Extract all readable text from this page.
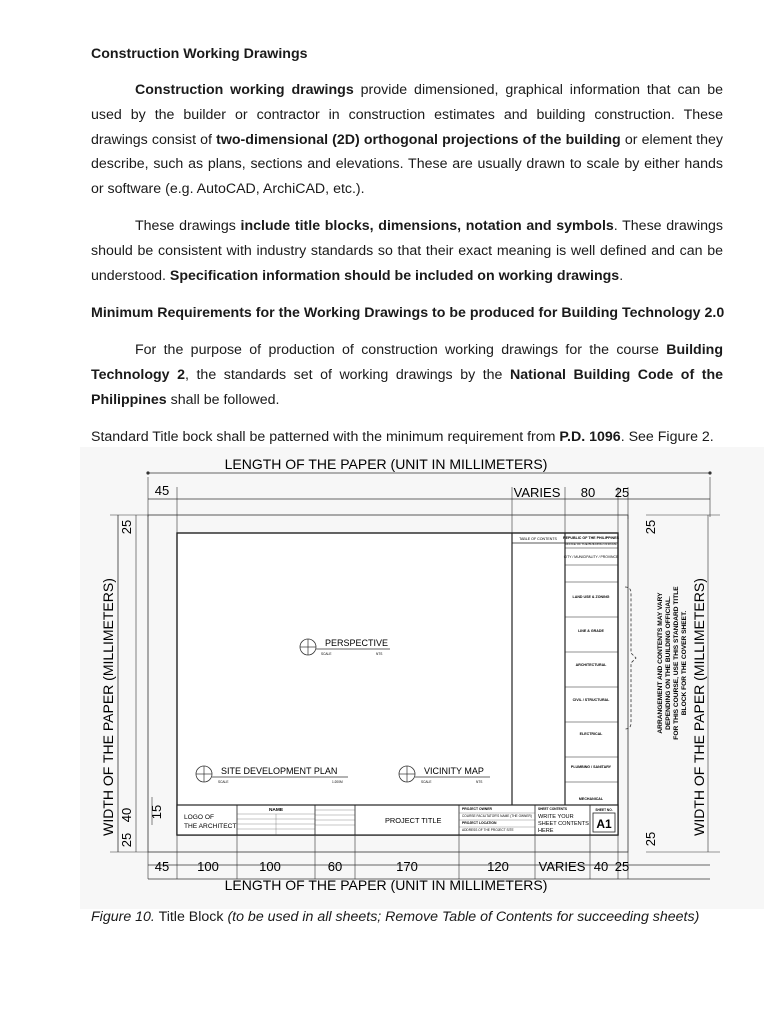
Construction Working Drawings
Construction working drawings provide dimensioned, graphical information that can be used by the builder or contractor in construction estimates and building construction. These drawings consist of two-dimensional (2D) orthogonal projections of the building or element they describe, such as plans, sections and elevations. These are usually drawn to scale by either hands or software (e.g. AutoCAD, ArchiCAD, etc.).
These drawings include title blocks, dimensions, notation and symbols. These drawings should be consistent with industry standards so that their exact meaning is well defined and can be understood. Specification information should be included on working drawings.
Minimum Requirements for the Working Drawings to be produced for Building Technology 2.0
For the purpose of production of construction working drawings for the course Building Technology 2, the standards set of working drawings by the National Building Code of the Philippines shall be followed.
Standard Title bock shall be patterned with the minimum requirement from P.D. 1096. See Figure 2.
Figure 10. Title Block (to be used in all sheets; Remove Table of Contents for succeeding sheets)
LENGTH OF THE PAPER (UNIT IN MILLIMETERS)
45	VARIES 80 25
WIDTH OF THE PAPER (MILLIMETERS)
25
40
25
15	WIDTH OF THE PAPER (MILLIMETERS)
25
25
TABLE OF CONTENTS REPUBLIC OF THE PHILIPPINES
OFFICE OF THE BUILDING OFFICIAL
CITY / MUNICIPALITY / PROVINCE
LAND USE & ZONING
LINE & GRADE
ARCHITECTURAL
CIVIL / STRUCTURAL
ELECTRICAL
PLUMBING / SANITARY
MECHANICAL
ARRANGEMENT AND CONTENTS MAY VARY DEPENDING ON THE BUILDING OFFICIAL. FOR THIS COURSE, USE THIS STANDARD TITLE BLOCK FOR THE COVER SHEET.
PERSPECTIVE
SCALE	NTS
SITE DEVELOPMENT PLAN
SCALE	1:200M
VICINITY MAP
SCALE	NTS
LOGO OF
THE ARCHITECT
NAME
PROJECT TITLE
PROJECT OWNER
COURSE FACILITATOR'S NAME (THE OWNER)
PROJECT LOCATION
ADDRESS OF THE PROJECT SITE
SHEET CONTENTS
WRITE YOUR
SHEET CONTENTS
HERE
SHEET NO.
A1
45 100	100	60	170	120 VARIES 40 25
LENGTH OF THE PAPER (UNIT IN MILLIMETERS)
